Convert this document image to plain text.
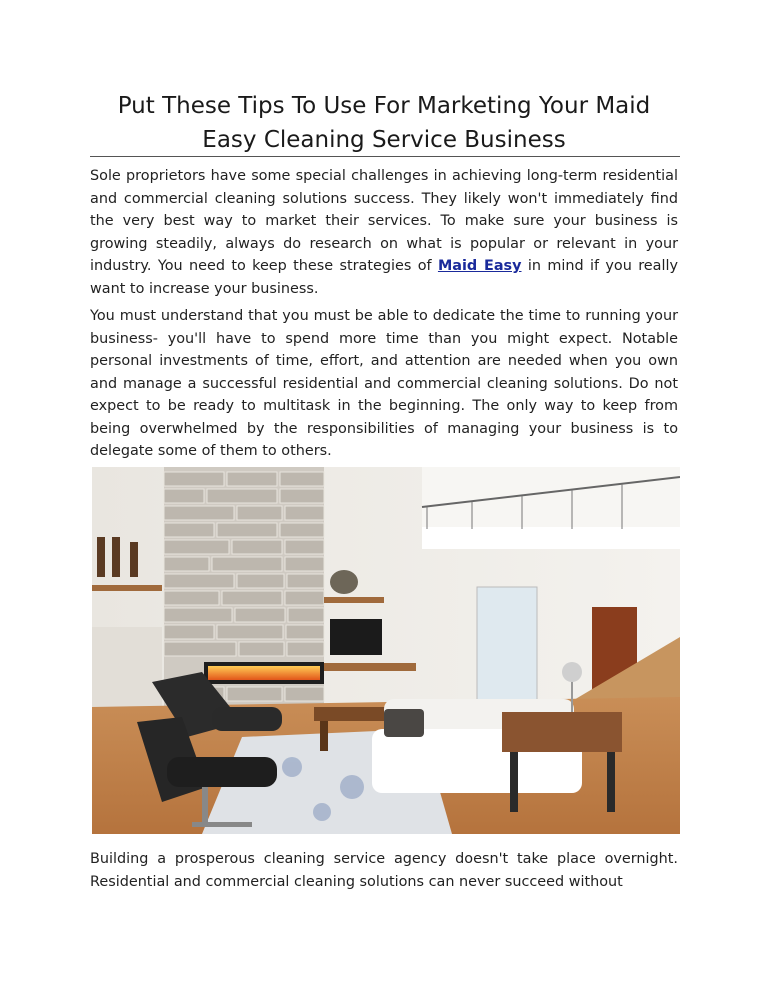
Put These Tips To Use For Marketing Your Maid Easy Cleaning Service Business

Sole proprietors have some special challenges in achieving long-term residential and commercial cleaning solutions success. They likely won't immediately find the very best way to market their services. To make sure your business is growing steadily, always do research on what is popular or relevant in your industry. You need to keep these strategies of Maid Easy in mind if you really want to increase your business.

You must understand that you must be able to dedicate the time to running your business- you'll have to spend more time than you might expect. Notable personal investments of time, effort, and attention are needed when you own and manage a successful residential and commercial cleaning solutions. Do not expect to be ready to multitask in the beginning. The only way to keep from being overwhelmed by the responsibilities of managing your business is to delegate some of them to others.

Building a prosperous cleaning service agency doesn't take place overnight. Residential and commercial cleaning solutions can never succeed without
